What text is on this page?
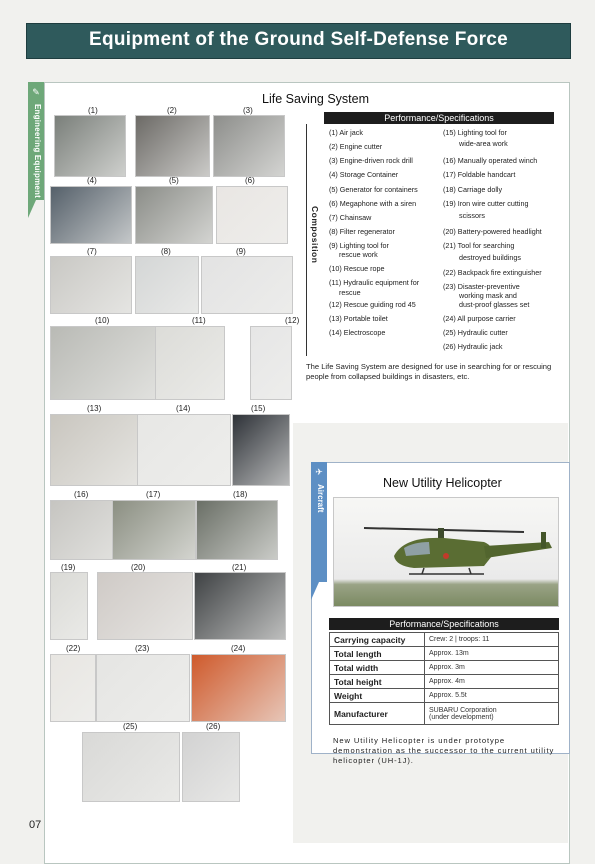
Equipment of the Ground Self-Defense Force
✎
Engineering Equipment
Life Saving System
(1)	(2)	(3)
(4)	(5)	(6)
(7)	(8)	(9)
(10)	(11)	(12)
(13)	(14)	(15)
(16)	(17)	(18)
(19)	(20)	(21)
(22)	(23)	(24)
(25)	(26)
Performance/Specifications
Composition
(1) Air jack
(2) Engine cutter
(3) Engine-driven rock drill
(4) Storage Container
(5) Generator for containers
(6) Megaphone with a siren
(7) Chainsaw
(8) Filter regenerator
(9) Lighting tool for
rescue work
(10) Rescue rope
(11) Hydraulic equipment for
rescue
(12) Rescue guiding rod 45
(13) Portable toilet
(14) Electroscope
(15) Lighting tool for
wide-area work
(16) Manually operated winch
(17) Foldable handcart
(18) Carriage dolly
(19) Iron wire cutter cutting
scissors
(20) Battery-powered headlight
(21) Tool for searching
destroyed buildings
(22) Backpack fire extinguisher
(23) Disaster-preventive
working mask and
dust-proof glasses set
(24) All purpose carrier
(25) Hydraulic cutter
(26) Hydraulic jack
The Life Saving System are designed for use in searching for or rescuing people from collapsed buildings in disasters, etc.
✈
Aircraft
New Utility Helicopter
Performance/Specifications
Carrying capacity	Crew: 2 | troops: 11
Total length	Approx. 13m
Total width	Approx. 3m
Total height	Approx. 4m
Weight	Approx. 5.5t
Manufacturer	SUBARU Corporation
(under development)
New Utility Helicopter is under prototype demonstration as the successor to the current utility helicopter (UH-1J).
07
